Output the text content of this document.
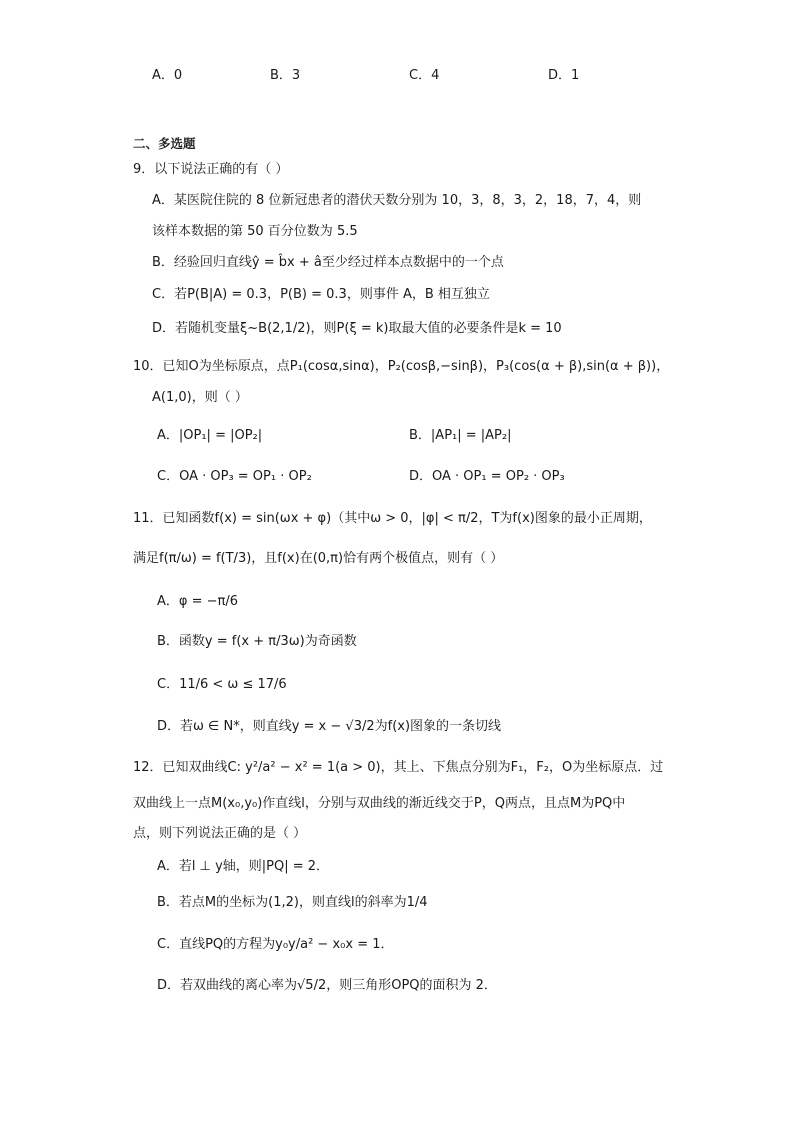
A．0	B．3	C．4	D．1
二、多选题
9．以下说法正确的有（ ）
A．某医院住院的 8 位新冠患者的潜伏天数分别为 10，3，8，3，2，18，7，4，则
该样本数据的第 50 百分位数为 5.5
B．经验回归直线ŷ = b̂x + â至少经过样本点数据中的一个点
C．若P(B|A) = 0.3，P(B) = 0.3，则事件 A，B 相互独立
D．若随机变量ξ~B(2,1/2)，则P(ξ = k)取最大值的必要条件是k = 10
10．已知O为坐标原点，点P₁(cosα,sinα)，P₂(cosβ,−sinβ)，P₃(cos(α + β),sin(α + β))，
A(1,0)，则（ ）
A．|OP₁| = |OP₂|	B．|AP₁| = |AP₂|
C．OA · OP₃ = OP₁ · OP₂	D．OA · OP₁ = OP₂ · OP₃
11．已知函数f(x) = sin(ωx + φ)（其中ω > 0，|φ| < π/2，T为f(x)图象的最小正周期，
满足f(π/ω) = f(T/3)，且f(x)在(0,π)恰有两个极值点，则有（ ）
A．φ = −π/6
B．函数y = f(x + π/3ω)为奇函数
C．11/6 < ω ≤ 17/6
D．若ω ∈ N*，则直线y = x − √3/2为f(x)图象的一条切线
12．已知双曲线C: y²/a² − x² = 1(a > 0)，其上、下焦点分别为F₁，F₂，O为坐标原点．过
双曲线上一点M(x₀,y₀)作直线l，分别与双曲线的渐近线交于P，Q两点，且点M为PQ中
点，则下列说法正确的是（ ）
A．若l ⊥ y轴，则|PQ| = 2．
B．若点M的坐标为(1,2)，则直线l的斜率为1/4
C．直线PQ的方程为y₀y/a² − x₀x = 1．
D．若双曲线的离心率为√5/2，则三角形OPQ的面积为 2．
